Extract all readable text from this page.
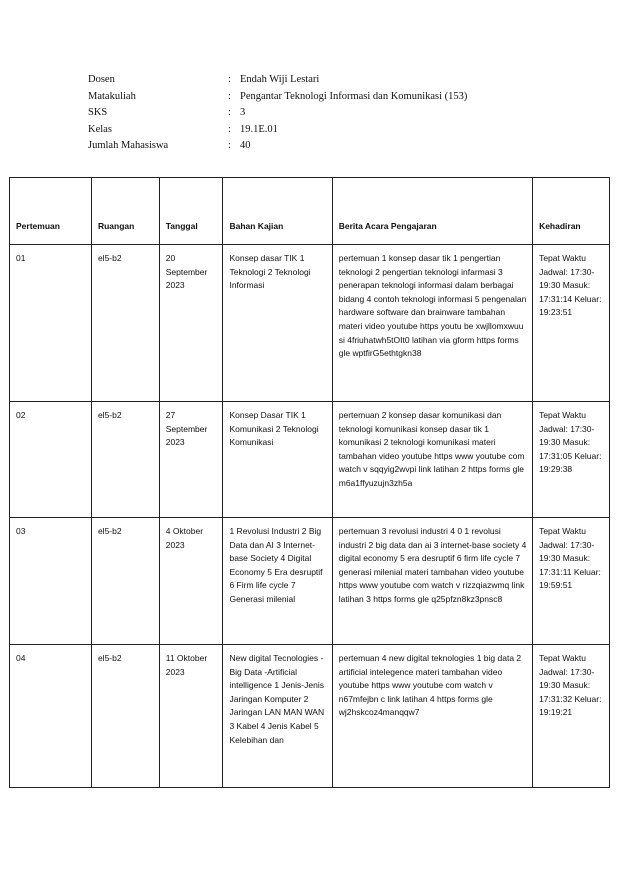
Dosen	: Endah Wiji Lestari
Matakuliah	: Pengantar Teknologi Informasi dan Komunikasi (153)
SKS	: 3
Kelas	: 19.1E.01
Jumlah Mahasiswa	: 40
Pertemuan	Ruangan	Tanggal	Bahan Kajian	Berita Acara Pengajaran	Kehadiran
01	el5-b2	20 September 2023	Konsep dasar TIK 1 Teknologi 2 Teknologi Informasi	pertemuan 1 konsep dasar tik 1 pengertian teknologi 2 pengertian teknologi infarmasi 3 penerapan teknologi informasi dalam berbagai bidang 4 contoh teknologi informasi 5 pengenalan hardware software dan brainware tambahan materi video youtube https youtu be xwjllomxwuu si 4friuhatwh5tOIt0 latihan via gform https forms gle wptfirG5ethtgkn38	Tepat Waktu Jadwal: 17:30-19:30 Masuk: 17:31:14 Keluar: 19:23:51
02	el5-b2	27 September 2023	Konsep Dasar TIK 1 Komunikasi 2 Teknologi Komunikasi	pertemuan 2 konsep dasar komunikasi dan teknologi komunikasi konsep dasar tik 1 komunikasi 2 teknologi komunikasi materi tambahan video youtube https www youtube com watch v sqqyig2wvpi link latihan 2 https forms gle m6a1ffyuzujn3zh5a	Tepat Waktu Jadwal: 17:30-19:30 Masuk: 17:31:05 Keluar: 19:29:38
03	el5-b2	4 Oktober 2023	1 Revolusi Industri 2 Big Data dan AI 3 Internet-base Society 4 Digital Economy 5 Era desruptif 6 Firm life cycle 7 Generasi milenial	pertemuan 3 revolusi industri 4 0 1 revolusi industri 2 big data dan ai 3 internet-base society 4 digital economy 5 era desruptif 6 firm life cycle 7 generasi milenial materi tambahan video youtube https www youtube com watch v rizzqiazwmq link latihan 3 https forms gle q25pfzn8kz3pnsc8	Tepat Waktu Jadwal: 17:30-19:30 Masuk: 17:31:11 Keluar: 19:59:51
04	el5-b2	11 Oktober 2023	New digital Tecnologies -Big Data -Artificial intelligence 1 Jenis-Jenis Jaringan Komputer 2 Jaringan LAN MAN WAN 3 Kabel 4 Jenis Kabel 5 Kelebihan dan	pertemuan 4 new digital teknologies 1 big data 2 artificial intelegence materi tambahan video youtube https www youtube com watch v n67mfejbn c link latihan 4 https forms gle wj2hskcoz4manqqw7	Tepat Waktu Jadwal: 17:30-19:30 Masuk: 17:31:32 Keluar: 19:19:21
